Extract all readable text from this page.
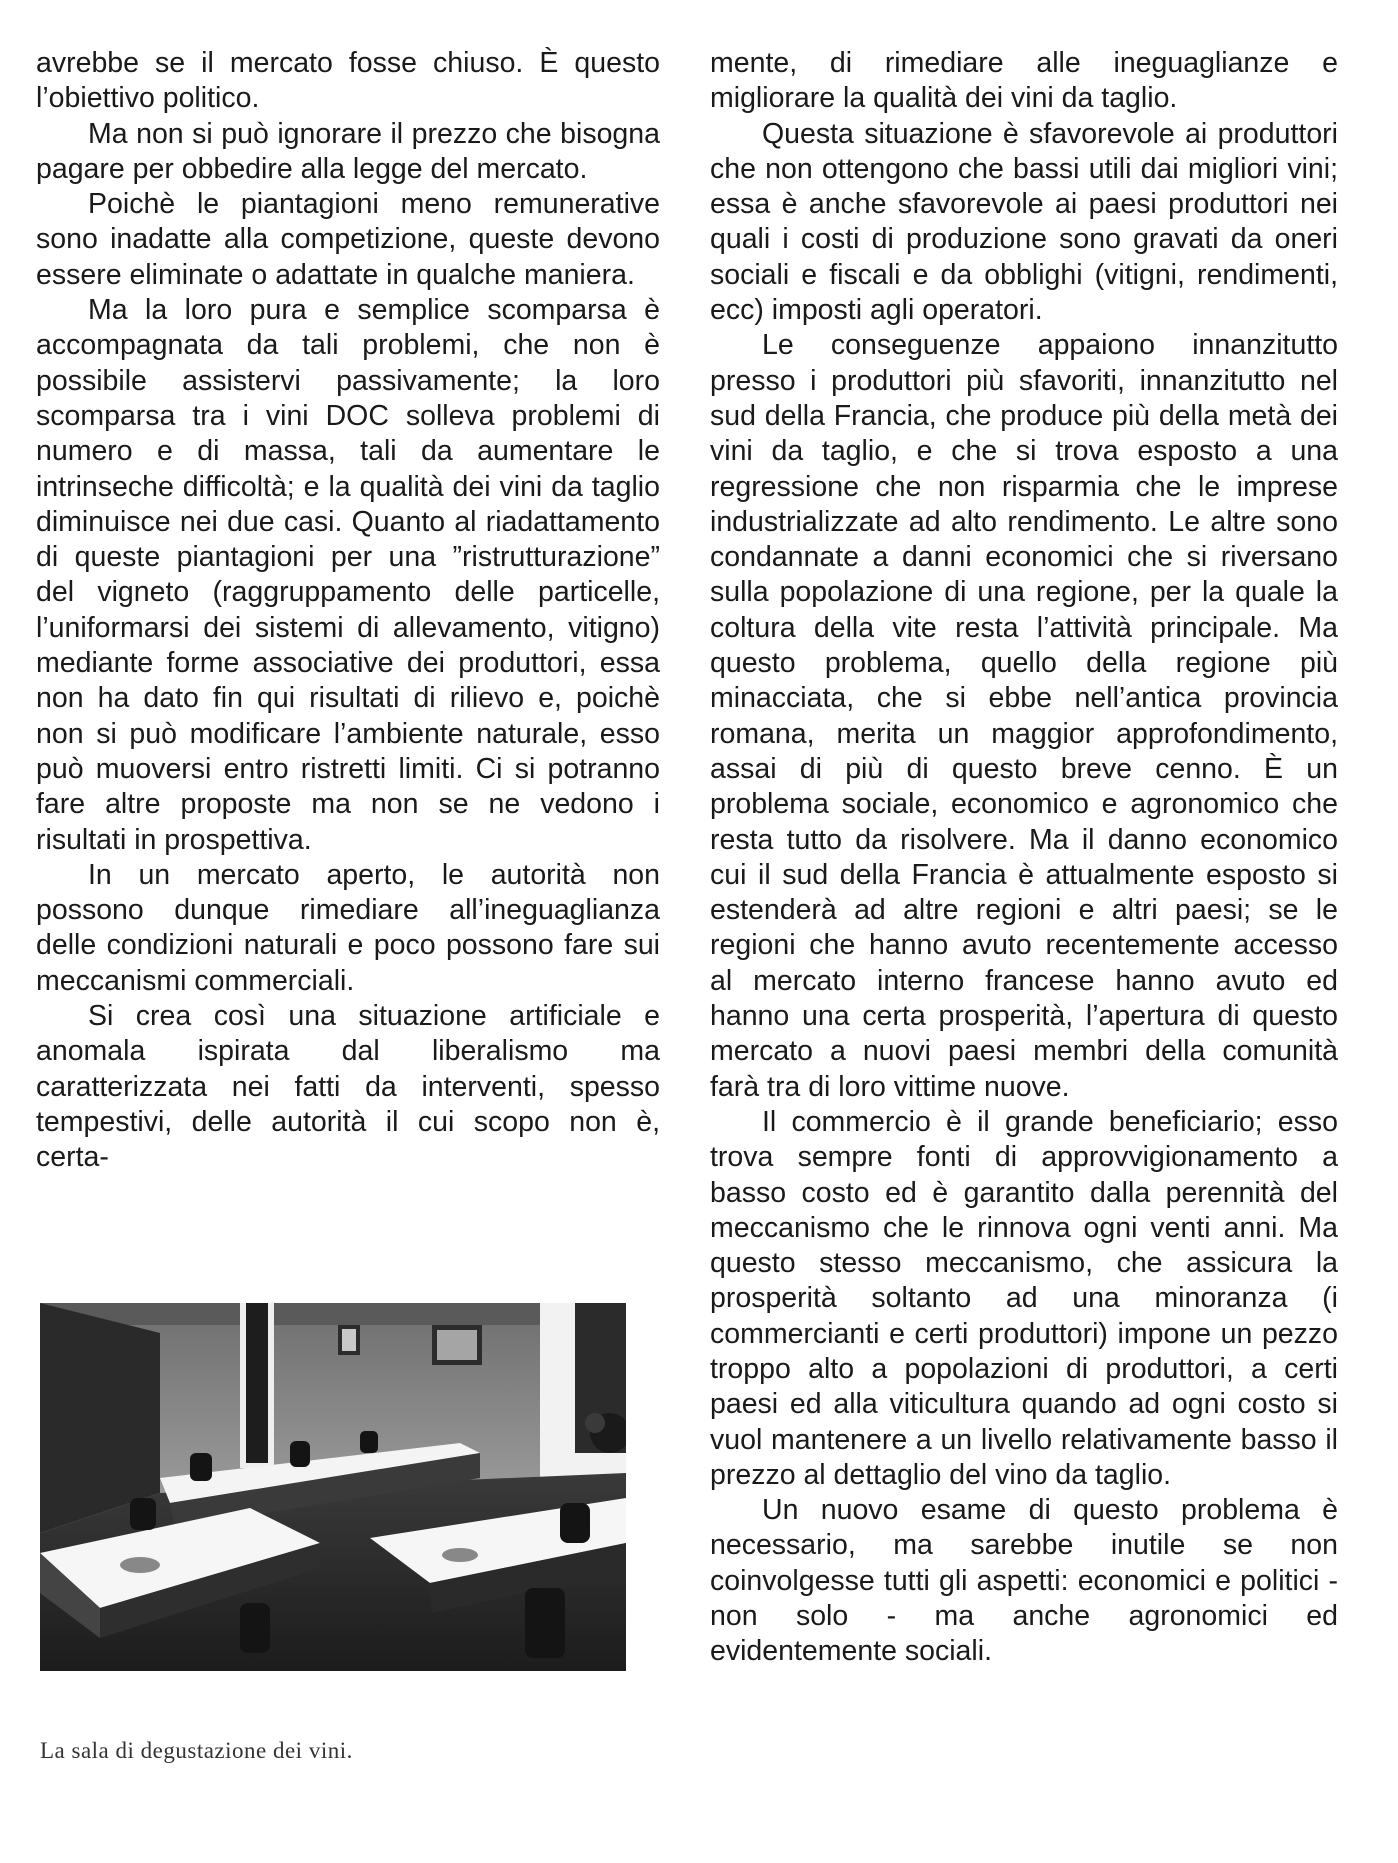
avrebbe se il mercato fosse chiuso. È questo l’obiettivo politico.

Ma non si può ignorare il prezzo che bisogna pagare per obbedire alla legge del mercato.

Poichè le piantagioni meno remunerative sono inadatte alla competizione, queste devono essere eliminate o adattate in qualche maniera.

Ma la loro pura e semplice scomparsa è accompagnata da tali problemi, che non è possibile assistervi passivamente; la loro scomparsa tra i vini DOC solleva problemi di numero e di massa, tali da aumentare le intrinseche difficoltà; e la qualità dei vini da taglio diminuisce nei due casi. Quanto al riadattamento di queste piantagioni per una ”ristrutturazione” del vigneto (raggruppamento delle particelle, l’uniformarsi dei sistemi di allevamento, vitigno) mediante forme associative dei produttori, essa non ha dato fin qui risultati di rilievo e, poichè non si può modificare l’ambiente naturale, esso può muoversi entro ristretti limiti. Ci si potranno fare altre proposte ma non se ne vedono i risultati in prospettiva.

In un mercato aperto, le autorità non possono dunque rimediare all’ineguaglianza delle condizioni naturali e poco possono fare sui meccanismi commerciali.

Si crea così una situazione artificiale e anomala ispirata dal liberalismo ma caratterizzata nei fatti da interventi, spesso tempestivi, delle autorità il cui scopo non è, certa-

mente, di rimediare alle ineguaglianze e migliorare la qualità dei vini da taglio.

Questa situazione è sfavorevole ai produttori che non ottengono che bassi utili dai migliori vini; essa è anche sfavorevole ai paesi produttori nei quali i costi di produzione sono gravati da oneri sociali e fiscali e da obblighi (vitigni, rendimenti, ecc) imposti agli operatori.

Le conseguenze appaiono innanzitutto presso i produttori più sfavoriti, innanzitutto nel sud della Francia, che produce più della metà dei vini da taglio, e che si trova esposto a una regressione che non risparmia che le imprese industrializzate ad alto rendimento. Le altre sono condannate a danni economici che si riversano sulla popolazione di una regione, per la quale la coltura della vite resta l’attività principale. Ma questo problema, quello della regione più minacciata, che si ebbe nell’antica provincia romana, merita un maggior approfondimento, assai di più di questo breve cenno. È un problema sociale, economico e agronomico che resta tutto da risolvere. Ma il danno economico cui il sud della Francia è attualmente esposto si estenderà ad altre regioni e altri paesi; se le regioni che hanno avuto recentemente accesso al mercato interno francese hanno avuto ed hanno una certa prosperità, l’apertura di questo mercato a nuovi paesi membri della comunità farà tra di loro vittime nuove.

Il commercio è il grande beneficiario; esso trova sempre fonti di approvvigionamento a basso costo ed è garantito dalla perennità del meccanismo che le rinnova ogni venti anni. Ma questo stesso meccanismo, che assicura la prosperità soltanto ad una minoranza (i commercianti e certi produttori) impone un pezzo troppo alto a popolazioni di produttori, a certi paesi ed alla viticultura quando ad ogni costo si vuol mantenere a un livello relativamente basso il prezzo al dettaglio del vino da taglio.

Un nuovo esame di questo problema è necessario, ma sarebbe inutile se non coinvolgesse tutti gli aspetti: economici e politici -non solo - ma anche agronomici ed evidentemente sociali.

La sala di degustazione dei vini.
